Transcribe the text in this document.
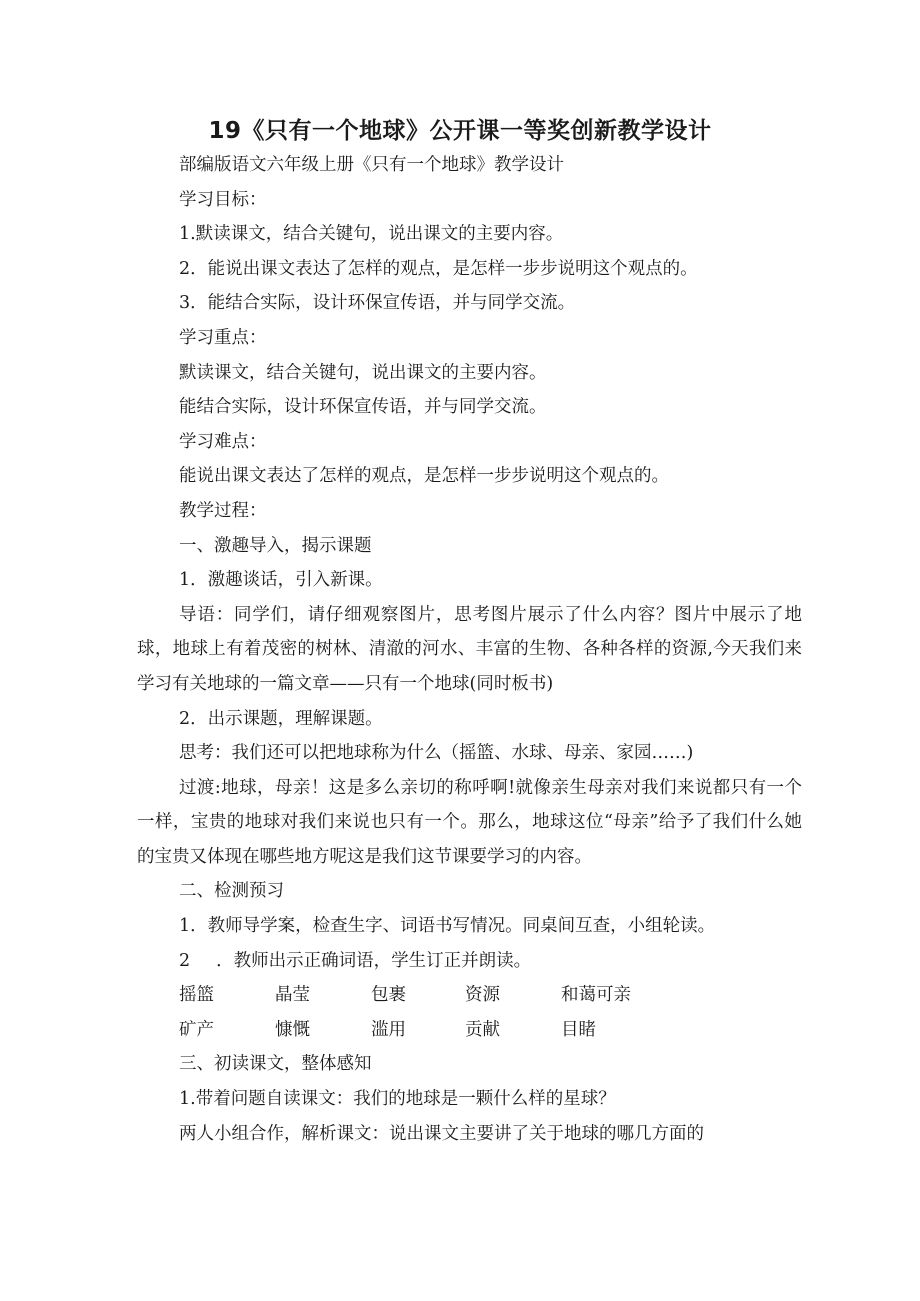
19《只有一个地球》公开课一等奖创新教学设计

部编版语文六年级上册《只有一个地球》教学设计

学习目标：

1.默读课文，结合关键句，说出课文的主要内容。

2．能说出课文表达了怎样的观点，是怎样一步步说明这个观点的。

3．能结合实际，设计环保宣传语，并与同学交流。

学习重点：

默读课文，结合关键句，说出课文的主要内容。

能结合实际，设计环保宣传语，并与同学交流。

学习难点：

能说出课文表达了怎样的观点，是怎样一步步说明这个观点的。

教学过程：

一、激趣导入，揭示课题

1．激趣谈话，引入新课。

导语：同学们，请仔细观察图片，思考图片展示了什么内容？图片中展示了地球，地球上有着茂密的树林、清澈的河水、丰富的生物、各种各样的资源,今天我们来学习有关地球的一篇文章——只有一个地球(同时板书)

2．出示课题，理解课题。

思考：我们还可以把地球称为什么（摇篮、水球、母亲、家园……)

过渡:地球，母亲！这是多么亲切的称呼啊!就像亲生母亲对我们来说都只有一个一样，宝贵的地球对我们来说也只有一个。那么，地球这位“母亲”给予了我们什么她的宝贵又体现在哪些地方呢这是我们这节课要学习的内容。

二、检测预习

1．教师导学案，检查生字、词语书写情况。同桌间互查，小组轮读。

2 ．教师出示正确词语，学生订正并朗读。

摇篮	晶莹	包裹	资源	和蔼可亲
矿产	慷慨	滥用	贡献	目睹

三、初读课文，整体感知

1.带着问题自读课文：我们的地球是一颗什么样的星球？

两人小组合作，解析课文：说出课文主要讲了关于地球的哪几方面的
